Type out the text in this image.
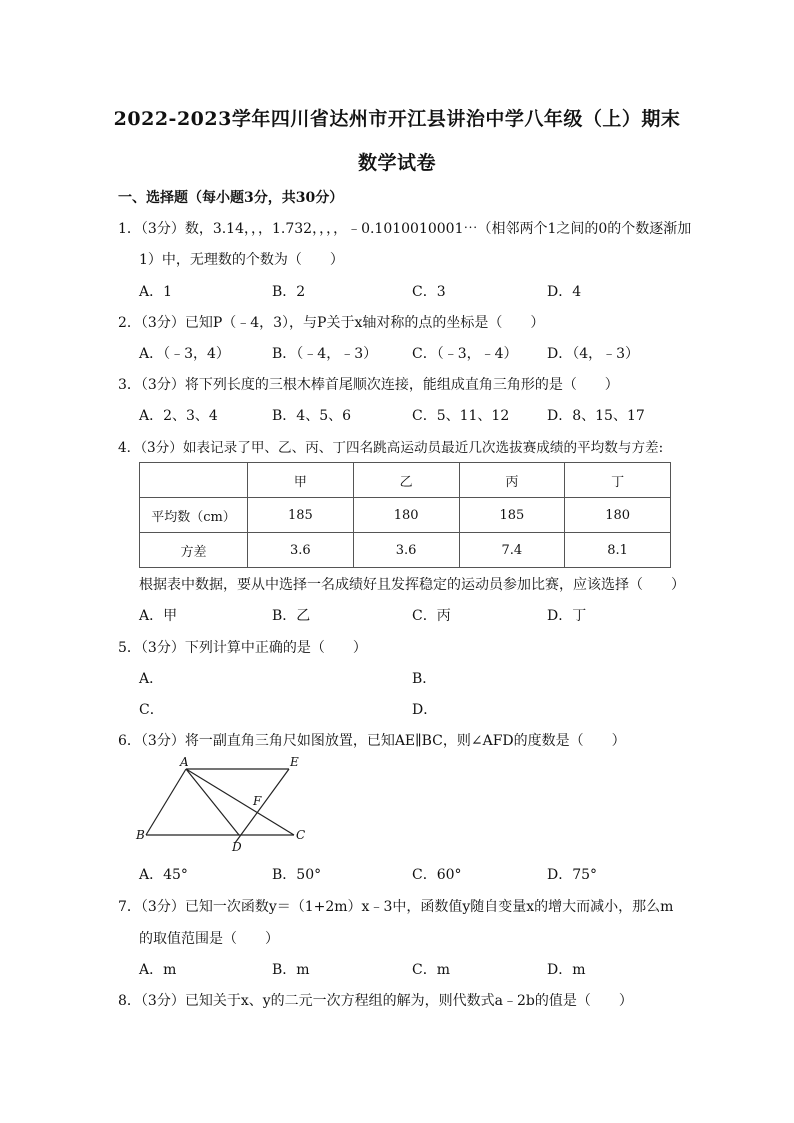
2022-2023学年四川省达州市开江县讲治中学八年级（上）期末
数学试卷
一、选择题（每小题3分，共30分）
1．（3分）数，3.14，，，1.732，，，，﹣0.1010010001⋯（相邻两个1之间的0的个数逐渐加
1）中，无理数的个数为（　　）
A．1	B．2	C．3	D．4
2．（3分）已知P（﹣4，3），与P关于x轴对称的点的坐标是（　　）
A．（﹣3，4）	B．（﹣4，﹣3） C．（﹣3，﹣4） D．（4，﹣3）
3．（3分）将下列长度的三根木棒首尾顺次连接，能组成直角三角形的是（　　）
A．2、3、4	B．4、5、6	C．5、11、12	D．8、15、17
4．（3分）如表记录了甲、乙、丙、丁四名跳高运动员最近几次选拔赛成绩的平均数与方差:
	甲	乙	丙	丁
平均数（cm）	185	180	185	180
方差	3.6	3.6	7.4	8.1
根据表中数据，要从中选择一名成绩好且发挥稳定的运动员参加比赛，应该选择（　　）
A．甲	B．乙	C．丙	D．丁
5．（3分）下列计算中正确的是（　　）
A．	B．
C．	D．
6．（3分）将一副直角三角尺如图放置，已知AE∥BC，则∠AFD的度数是（　　）
A	E
F
B
D
C
A．45°	B．50°	C．60°	D．75°
7．（3分）已知一次函数y＝（1+2m）x﹣3中，函数值y随自变量x的增大而减小，那么m
的取值范围是（　　）
A．m	B．m	C．m	D．m
8．（3分）已知关于x、y的二元一次方程组的解为，则代数式a﹣2b的值是（　　）
